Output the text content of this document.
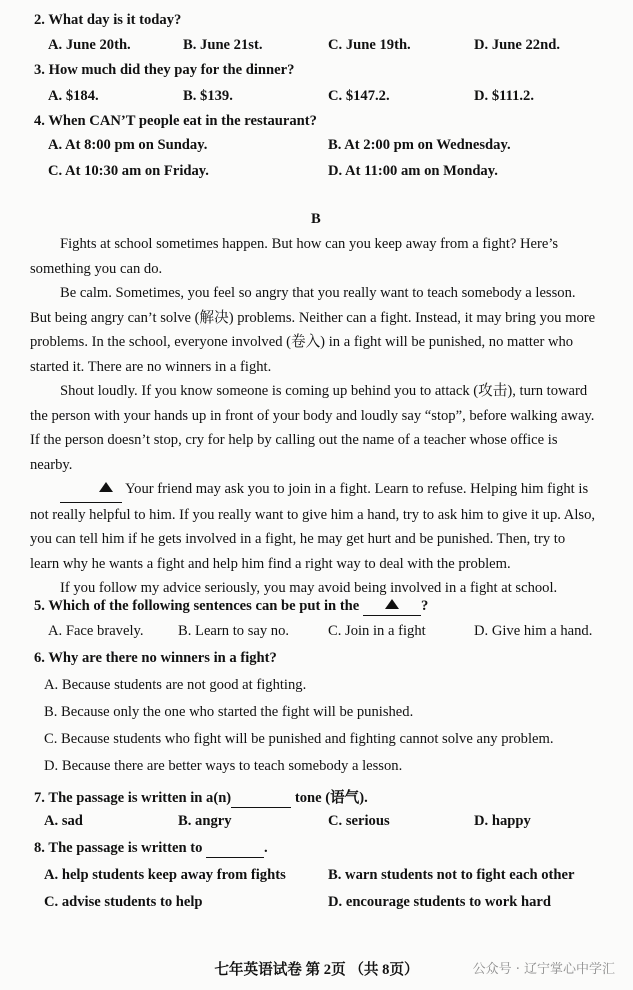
2. What day is it today?
A. June 20th.	B. June 21st.	C. June 19th.	D. June 22nd.
3. How much did they pay for the dinner?
A. $184.	B. $139.	C. $147.2.	D. $111.2.
4. When CAN’T people eat in the restaurant?
A. At 8:00 pm on Sunday.	B. At 2:00 pm on Wednesday.
C. At 10:30 am on Friday.	D. At 11:00 am on Monday.
B
Fights at school sometimes happen. But how can you keep away from a fight? Here’s
something you can do.
Be calm. Sometimes, you feel so angry that you really want to teach somebody a lesson.
But being angry can’t solve (解决) problems. Neither can a fight. Instead, it may bring you more
problems. In the school, everyone involved (卷入) in a fight will be punished, no matter who
started it. There are no winners in a fight.
Shout loudly. If you know someone is coming up behind you to attack (攻击), turn toward
the person with your hands up in front of your body and loudly say “stop”, before walking away.
If the person doesn’t stop, cry for help by calling out the name of a teacher whose office is
nearby.
Your friend may ask you to join in a fight. Learn to refuse. Helping him fight is
not really helpful to him. If you really want to give him a hand, try to ask him to give it up. Also,
you can tell him if he gets involved in a fight, he may get hurt and be punished. Then, try to
learn why he wants a fight and help him find a right way to deal with the problem.
If you follow my advice seriously, you may avoid being involved in a fight at school.
5. Which of the following sentences can be put in the	?
A. Face bravely. B. Learn to say no.	C. Join in a fight	D. Give him a hand.
6. Why are there no winners in a fight?
A. Because students are not good at fighting.
B. Because only the one who started the fight will be punished.
C. Because students who fight will be punished and fighting cannot solve any problem.
D. Because there are better ways to teach somebody a lesson.
7. The passage is written in a(n)	tone (语气).
A. sad	B. angry	C. serious	D. happy
8. The passage is written to	.
A. help students keep away from fights	B. warn students not to fight each other
C. advise students to help	D. encourage students to work hard
七年英语试卷 第 2页 （共 8页）	公众号 · 辽宁掌心中学汇
